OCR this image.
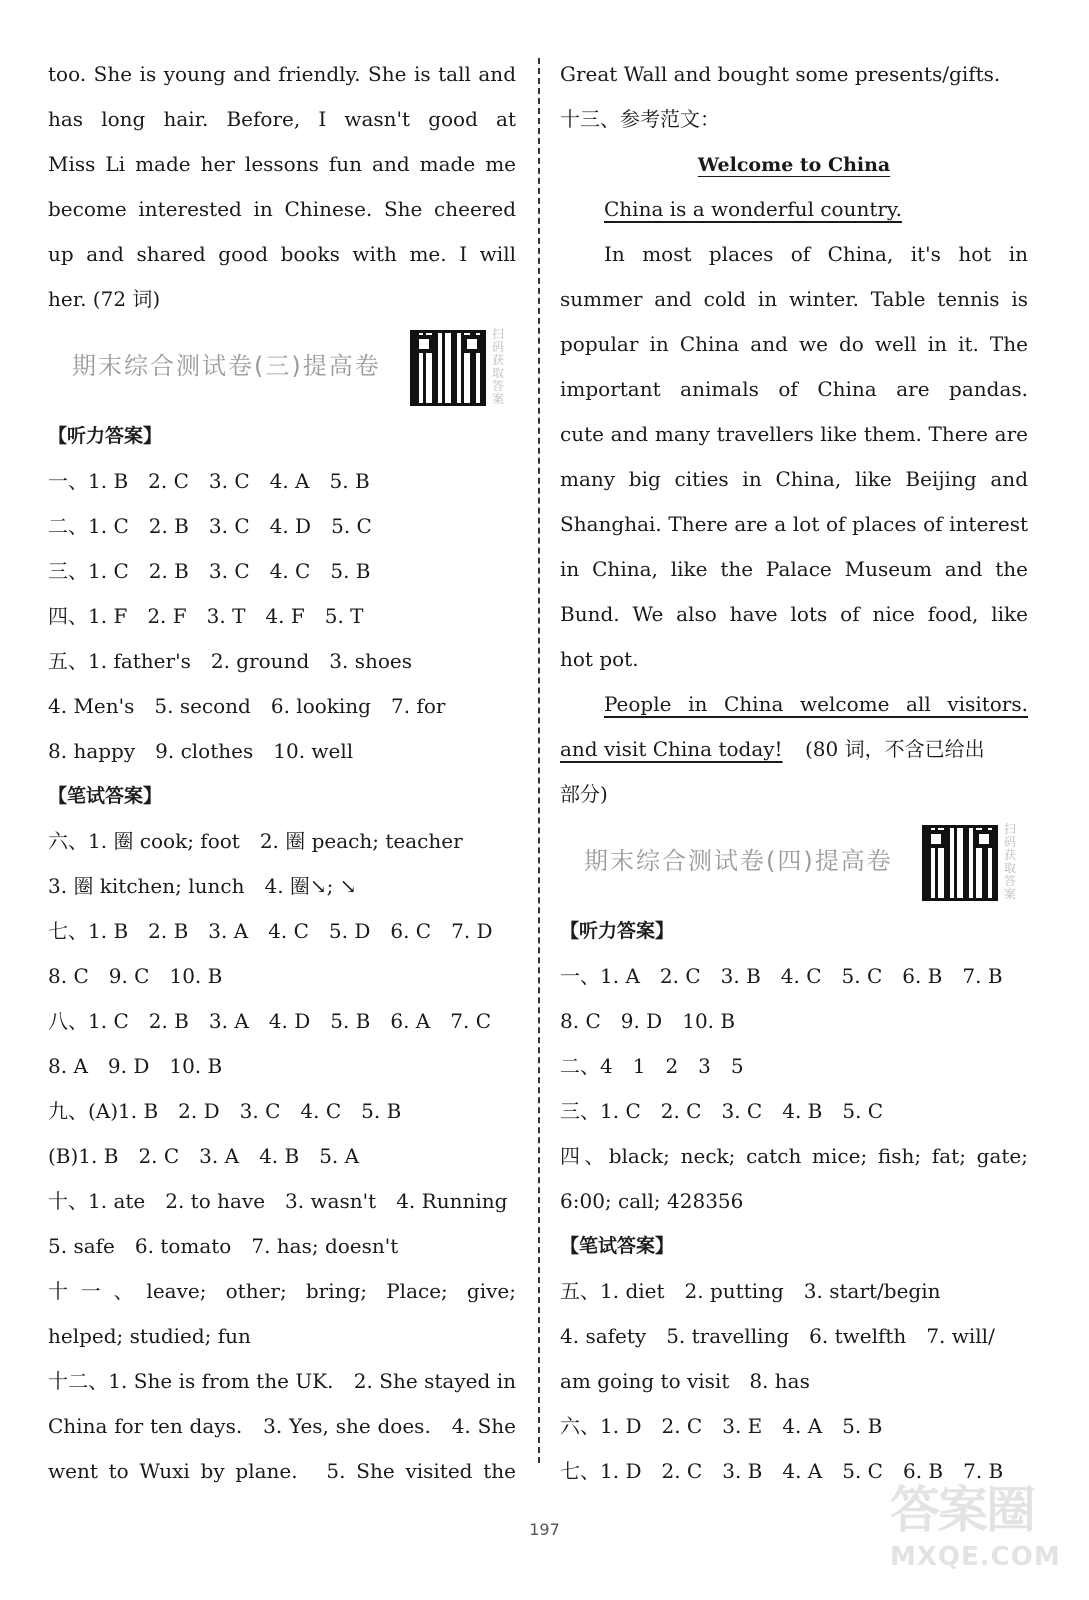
too. She is young and friendly. She is tall and
has long hair. Before, I wasn't good at
Miss Li made her lessons fun and made me
become interested in Chinese. She cheered
up and shared good books with me. I will
her. (72 词)
期末综合测试卷(三)提高卷
扫码获取答案
【听力答案】
一、1. B　2. C　3. C　4. A　5. B
二、1. C　2. B　3. C　4. D　5. C
三、1. C　2. B　3. C　4. C　5. B
四、1. F　2. F　3. T　4. F　5. T
五、1. father's　2. ground　3. shoes
4. Men's　5. second　6. looking　7. for
8. happy　9. clothes　10. well
【笔试答案】
六、1. 圈 cook; foot　2. 圈 peach; teacher
3. 圈 kitchen; lunch　4. 圈↘; ↘
七、1. B　2. B　3. A　4. C　5. D　6. C　7. D
8. C　9. C　10. B
八、1. C　2. B　3. A　4. D　5. B　6. A　7. C
8. A　9. D　10. B
九、(A)1. B　2. D　3. C　4. C　5. B
(B)1. B　2. C　3. A　4. B　5. A
十、1. ate　2. to have　3. wasn't　4. Running
5. safe　6. tomato　7. has; doesn't
十一、leave; other; bring; Place; give;
helped; studied; fun
十二、1. She is from the UK.　2. She stayed in
China for ten days.　3. Yes, she does.　4. She
went to Wuxi by plane.　5. She visited the
Great Wall and bought some presents/gifts.
十三、参考范文：
Welcome to China
China is a wonderful country.
In most places of China, it's hot in
summer and cold in winter. Table tennis is
popular in China and we do well in it. The
important animals of China are pandas.
cute and many travellers like them. There are
many big cities in China, like Beijing and
Shanghai. There are a lot of places of interest
in China, like the Palace Museum and the
Bund. We also have lots of nice food, like
hot pot.
People in China welcome all visitors.
and visit China today! (80 词，不含已给出
部分)
期末综合测试卷(四)提高卷
扫码获取答案
【听力答案】
一、1. A　2. C　3. B　4. C　5. C　6. B　7. B
8. C　9. D　10. B
二、4　1　2　3　5
三、1. C　2. C　3. C　4. B　5. C
四、black; neck; catch mice; fish; fat; gate;
6:00; call; 428356
【笔试答案】
五、1. diet　2. putting　3. start/begin
4. safety　5. travelling　6. twelfth　7. will/
am going to visit　8. has
六、1. D　2. C　3. E　4. A　5. B
七、1. D　2. C　3. B　4. A　5. C　6. B　7. B
197	答案圈
MXQE.COM
